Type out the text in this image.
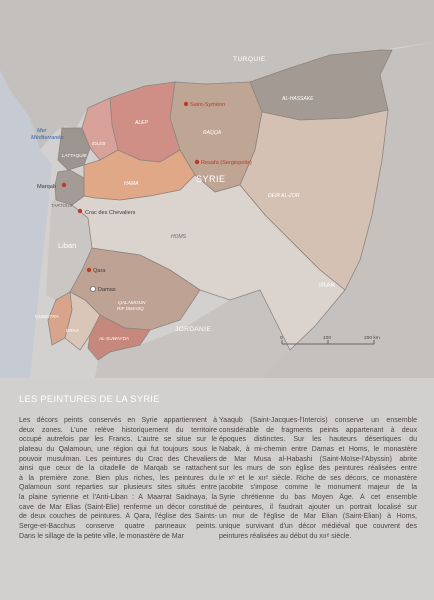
TURQUIE
SYRIE
Liban
JORDANIE
IRAK
Mer
Méditerranée
ALEP
IDLEB
LATTAQUIE
HAMA
TARTOUS
HOMS
RAQQA
AL-HASSAKE
DEIR AL-ZOR
QALAMOUN
RIF DIMASQ
QUNEITRA
DRAA
AL-SUWAYDA
Saint-Syméon
Resafa (Sergiopolis)
Marqab
Crac des Chevaliers
Damas
Qara
0	100	200 km
LES PEINTURES DE LA SYRIE
Les décors peints conservés en Syrie appartiennent à
deux zones. L'une relève historiquement du territoire
occupé autrefois par les Francs. L'autre se situe sur le
plateau du Qalamoun, une région qui fut toujours sous le
pouvoir musulman. Les peintures du Crac des Chevaliers
ainsi que ceux de la citadelle de Marqab se rattachent
à la première zone. Bien plus riches, les peintures du
Qalamoun sont reparties sur plusieurs sites situés entre
la plaine syrienne et l'Anti-Liban : À Maarrat Saidnaya, la
cave de Mar Elias (Saint-Élie) renferme un décor constitué
de deux couches de peintures. À Qara, l'église des Saints-
Serge-et-Bacchus conserve quatre panneaux peints.
Dans le sillage de la petite ville, le monastère de Mar
Yaaqub (Saint-Jacques-l'Intercis) conserve un ensemble
considérable de fragments peints appartenant à deux
époques distinctes. Sur les hauteurs désertiques du
Nabak, à mi-chemin entre Damas et Homs, le monastère
de Mar Musa al-Habashi (Saint-Moïse-l'Abyssin) abrite
sur les murs de son église des peintures réalisées entre
le xᵉ et le xııᵉ siècle. Riche de ses décors, ce monastère
jacobite s'impose comme le monument majeur de la
Syrie chrétienne du bas Moyen Âge. À cet ensemble
de peintures, il faudrait ajouter un portrait localisé sur
un mur de l'église de Mar Elian (Saint-Élian) à Homs,
unique survivant d'un décor médiéval que couvrent des
peintures réalisées au début du xııᵉ siècle.
